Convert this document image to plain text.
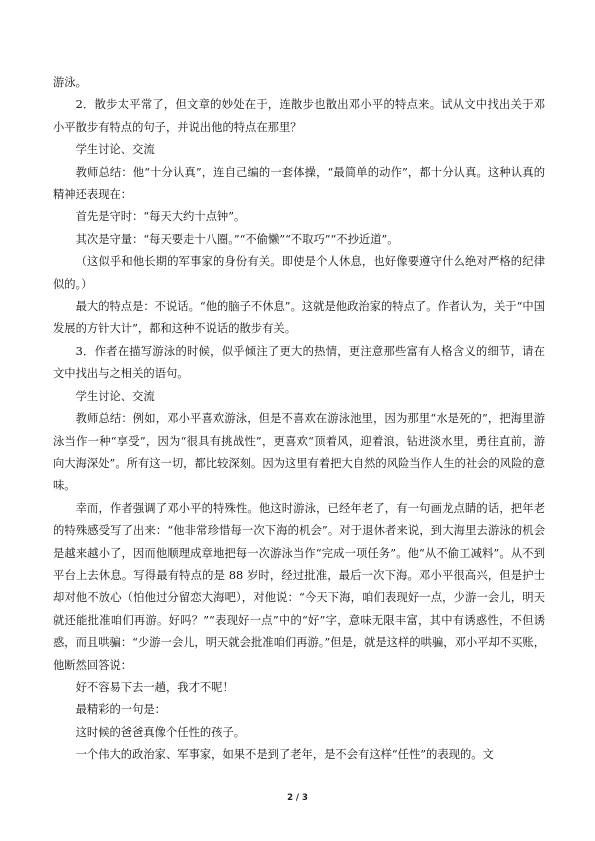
游泳。

2．散步太平常了，但文章的妙处在于，连散步也散出邓小平的特点来。试从文中找出关于邓小平散步有特点的句子，并说出他的特点在那里？

学生讨论、交流

教师总结：他“十分认真”，连自己编的一套体操，“最简单的动作”，都十分认真。这种认真的精神还表现在：

首先是守时：“每天大约十点钟”。

其次是守量：“每天要走十八圈。”“不偷懒”“不取巧”“不抄近道”。

（这似乎和他长期的军事家的身份有关。即使是个人休息，也好像要遵守什么绝对严格的纪律似的。）

最大的特点是：不说话。“他的脑子不休息”。这就是他政治家的特点了。作者认为，关于“中国发展的方针大计”，都和这种不说话的散步有关。

3．作者在描写游泳的时候，似乎倾注了更大的热情，更注意那些富有人格含义的细节，请在文中找出与之相关的语句。

学生讨论、交流

教师总结：例如，邓小平喜欢游泳，但是不喜欢在游泳池里，因为那里“水是死的”，把海里游泳当作一种“享受”，因为“很具有挑战性”，更喜欢“顶着风，迎着浪，钻进淡水里，勇往直前，游向大海深处”。所有这一切，都比较深刻。因为这里有着把大自然的风险当作人生的社会的风险的意味。

幸而，作者强调了邓小平的特殊性。他这时游泳，已经年老了，有一句画龙点睛的话，把年老的特殊感受写了出来：“他非常珍惜每一次下海的机会”。对于退休者来说，到大海里去游泳的机会是越来越小了，因而他顺理成章地把每一次游泳当作“完成一项任务”。他“从不偷工减料”。从不到平台上去休息。写得最有特点的是 88 岁时，经过批准，最后一次下海。邓小平很高兴，但是护士却对他不放心（怕他过分留恋大海吧），对他说：“今天下海，咱们表现好一点，少游一会儿，明天就还能批准咱们再游。好吗？”“表现好一点”中的“好”字，意味无限丰富，其中有诱惑性，不但诱惑，而且哄骗：“少游一会儿，明天就会批准咱们再游。”但是，就是这样的哄骗，邓小平却不买账，他断然回答说：

好不容易下去一趟，我才不呢！

最精彩的一句是：

这时候的爸爸真像个任性的孩子。

一个伟大的政治家、军事家，如果不是到了老年，是不会有这样“任性”的表现的。文

2 / 3
